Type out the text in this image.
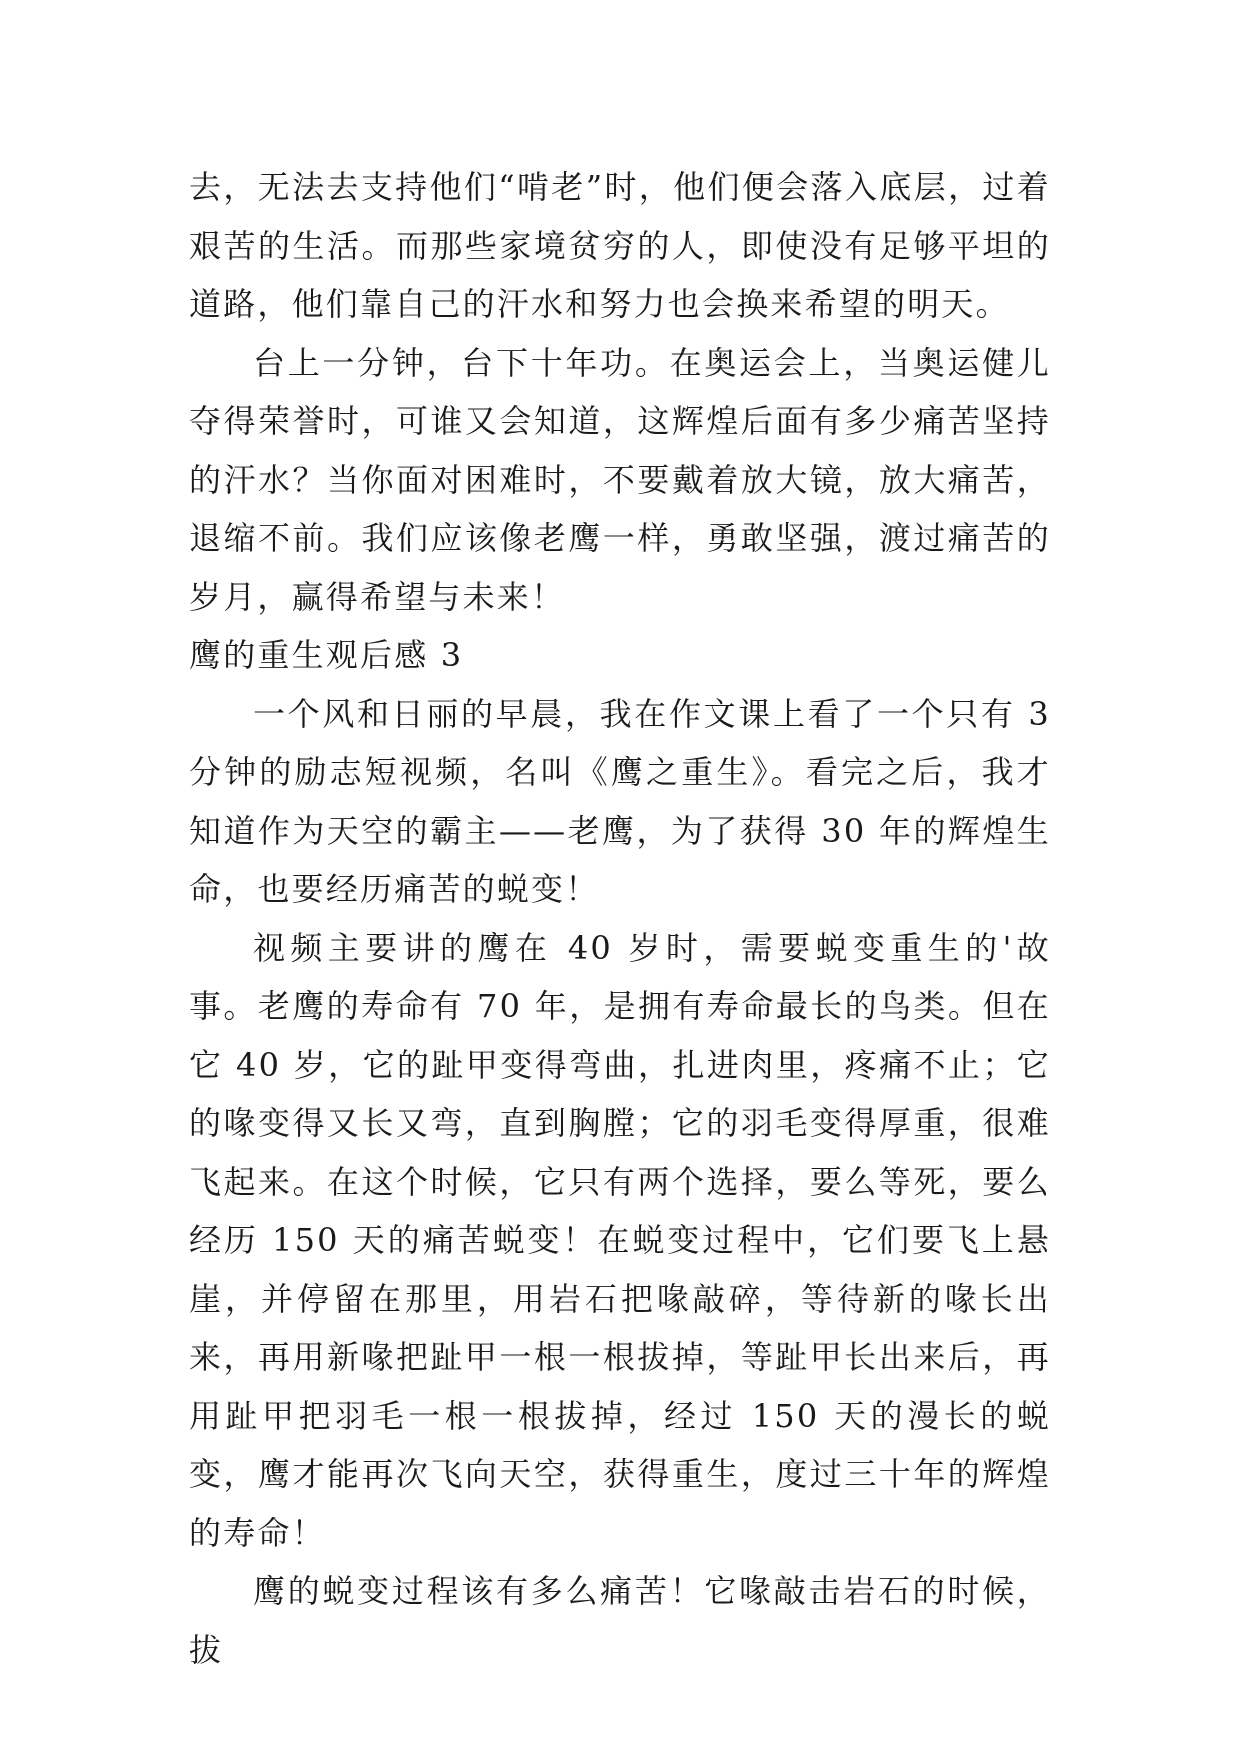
去，无法去支持他们“啃老”时，他们便会落入底层，过着艰苦的生活。而那些家境贫穷的人，即使没有足够平坦的道路，他们靠自己的汗水和努力也会换来希望的明天。

台上一分钟，台下十年功。在奥运会上，当奥运健儿夺得荣誉时，可谁又会知道，这辉煌后面有多少痛苦坚持的汗水？当你面对困难时，不要戴着放大镜，放大痛苦，退缩不前。我们应该像老鹰一样，勇敢坚强，渡过痛苦的岁月，赢得希望与未来！

鹰的重生观后感 3

一个风和日丽的早晨，我在作文课上看了一个只有 3 分钟的励志短视频，名叫《鹰之重生》。看完之后，我才知道作为天空的霸主——老鹰，为了获得 30 年的辉煌生命，也要经历痛苦的蜕变！

视频主要讲的鹰在 40 岁时，需要蜕变重生的'故事。老鹰的寿命有 70 年，是拥有寿命最长的鸟类。但在它 40 岁，它的趾甲变得弯曲，扎进肉里，疼痛不止；它的喙变得又长又弯，直到胸膛；它的羽毛变得厚重，很难飞起来。在这个时候，它只有两个选择，要么等死，要么经历 150 天的痛苦蜕变！在蜕变过程中，它们要飞上悬崖，并停留在那里，用岩石把喙敲碎，等待新的喙长出来，再用新喙把趾甲一根一根拔掉，等趾甲长出来后，再用趾甲把羽毛一根一根拔掉，经过 150 天的漫长的蜕变，鹰才能再次飞向天空，获得重生，度过三十年的辉煌的寿命！

鹰的蜕变过程该有多么痛苦！它喙敲击岩石的时候，拔
